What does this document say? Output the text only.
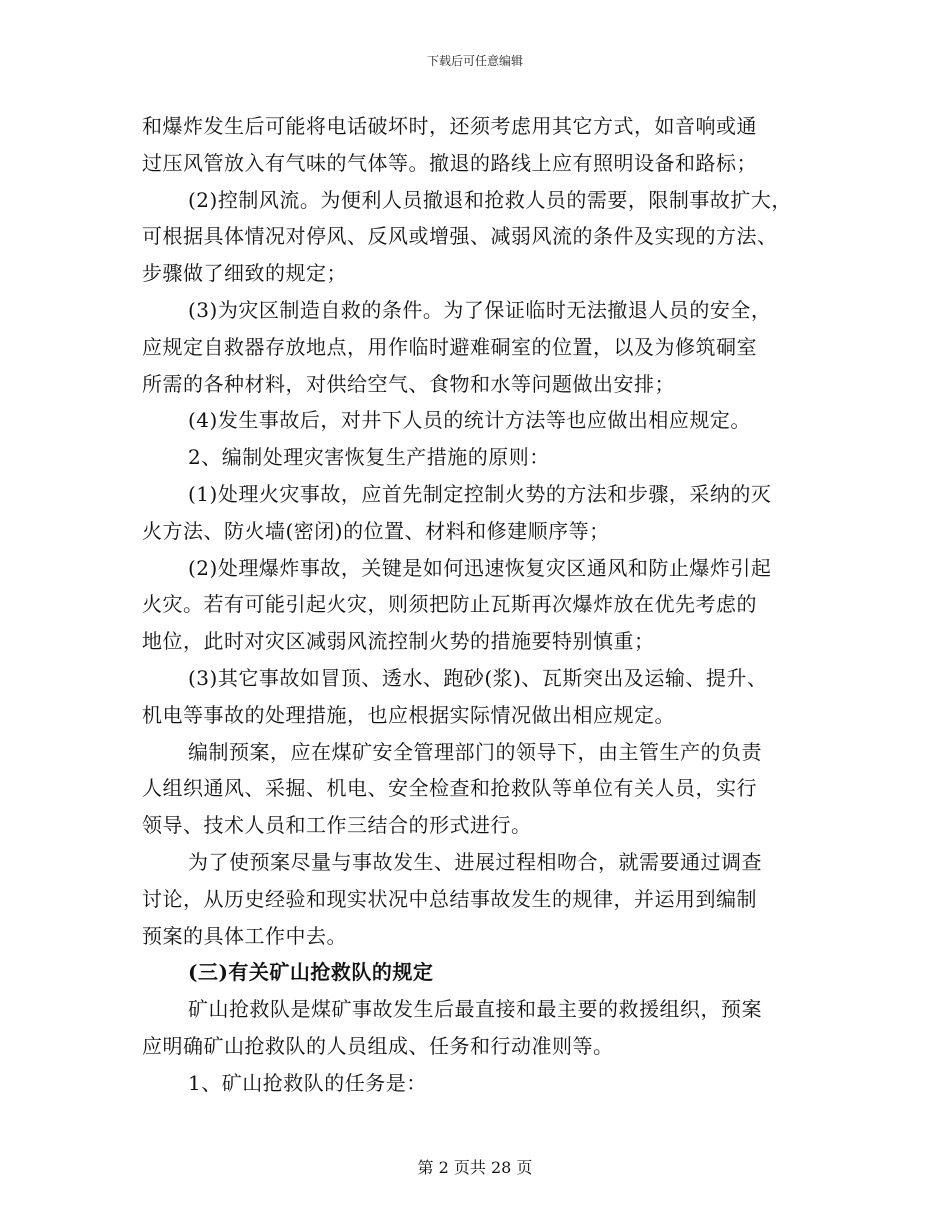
下载后可任意编辑
和爆炸发生后可能将电话破坏时，还须考虑用其它方式，如音响或通
过压风管放入有气味的气体等。撤退的路线上应有照明设备和路标；
(2)控制风流。为便利人员撤退和抢救人员的需要，限制事故扩大，
可根据具体情况对停风、反风或增强、减弱风流的条件及实现的方法、
步骤做了细致的规定；
(3)为灾区制造自救的条件。为了保证临时无法撤退人员的安全，
应规定自救器存放地点，用作临时避难硐室的位置，以及为修筑硐室
所需的各种材料，对供给空气、食物和水等问题做出安排；
(4)发生事故后，对井下人员的统计方法等也应做出相应规定。
2、编制处理灾害恢复生产措施的原则：
(1)处理火灾事故，应首先制定控制火势的方法和步骤，采纳的灭
火方法、防火墙(密闭)的位置、材料和修建顺序等；
(2)处理爆炸事故，关键是如何迅速恢复灾区通风和防止爆炸引起
火灾。若有可能引起火灾，则须把防止瓦斯再次爆炸放在优先考虑的
地位，此时对灾区减弱风流控制火势的措施要特别慎重；
(3)其它事故如冒顶、透水、跑砂(浆)、瓦斯突出及运输、提升、
机电等事故的处理措施，也应根据实际情况做出相应规定。
编制预案，应在煤矿安全管理部门的领导下，由主管生产的负责
人组织通风、采掘、机电、安全检查和抢救队等单位有关人员，实行
领导、技术人员和工作三结合的形式进行。
为了使预案尽量与事故发生、进展过程相吻合，就需要通过调查
讨论，从历史经验和现实状况中总结事故发生的规律，并运用到编制
预案的具体工作中去。
(三)有关矿山抢救队的规定
矿山抢救队是煤矿事故发生后最直接和最主要的救援组织，预案
应明确矿山抢救队的人员组成、任务和行动准则等。
1、矿山抢救队的任务是：
第 2 页共 28 页
